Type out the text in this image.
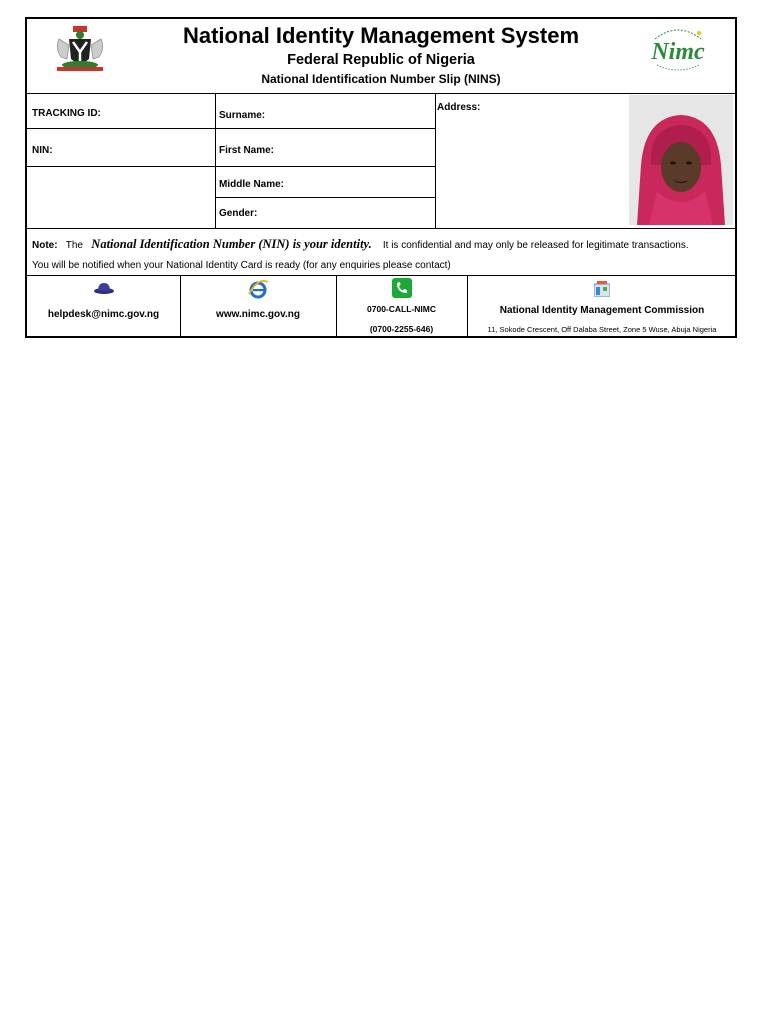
National Identity Management System
Federal Republic of Nigeria
National Identification Number Slip (NINS)
Nimc
TRACKING ID:
NIN:
Surname:
First Name:
Middle Name:
Gender:
Address:
Note: The National Identification Number (NIN) is your identity. It is confidential and may only be released for legitimate transactions.
You will be notified when your National Identity Card is ready (for any enquiries please contact)
helpdesk@nimc.gov.ng	www.nimc.gov.ng	0700-CALL-NIMC
(0700-2255-646)
National Identity Management Commission
11, Sokode Crescent, Off Dalaba Street, Zone 5 Wuse, Abuja Nigeria
